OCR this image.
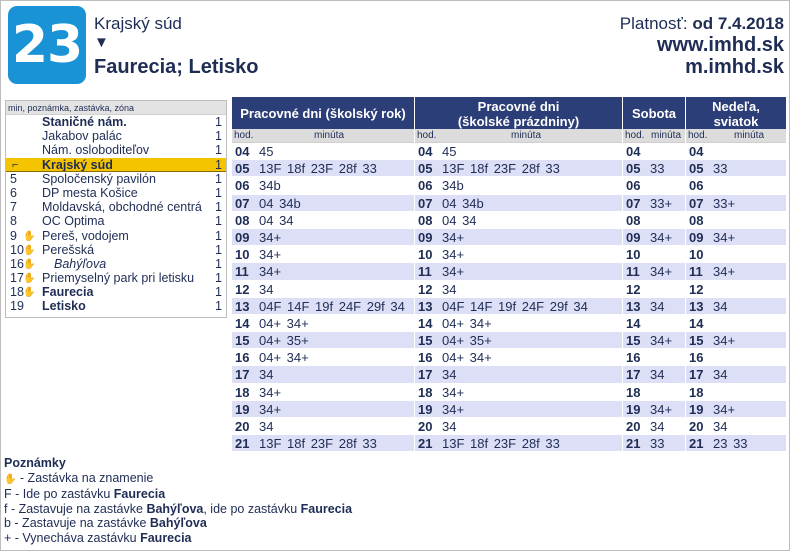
23 Krajský súd
▼
Faurecia; Letisko
Platnosť: od 7.4.2018
www.imhd.sk
m.imhd.sk
min, poznámka, zastávka, zóna
Staničné nám.	1
Jakabov palác	1
Nám. osloboditeľov	1
⌐ Krajský súd	1
5	Spoločenský pavilón	1
6	DP mesta Košice	1
7	Moldavská, obchodné centrá 1
8	OC Optima	1
9 ✋ Pereš, vodojem	1
10 ✋ Perešská	1
16 ✋ Bahýľova	1
17 ✋ Priemyselný park pri letisku 1
18 ✋ Faurecia	1
19	Letisko	1
Pracovné dni (školský rok)
hod.	minúta
04 45
05 13F 18f 23F 28f 33
06 34b
07 04 34b
08 04 34
09 34+
10 34+
11 34+
12 34
13 04F 14F 19f 24F 29f 34
14 04+ 34+
15 04+ 35+
16 04+ 34+
17 34
18 34+
19 34+
20 34
21 13F 18f 23F 28f 33
Pracovné dni
(školské prázdniny)
hod.	minúta
04 45
05 13F 18f 23F 28f 33
06 34b
07 04 34b
08 04 34
09 34+
10 34+
11 34+
12 34
13 04F 14F 19f 24F 29f 34
14 04+ 34+
15 04+ 35+
16 04+ 34+
17 34
18 34+
19 34+
20 34
21 13F 18f 23F 28f 33
Sobota
hod. minúta
04
05 33
06
07 33+
08
09 34+
10
11 34+
12
13 34
14
15 34+
16
17 34
18
19 34+
20 34
21 33
Nedeľa,
sviatok
hod.	minúta
04
05 33
06
07 33+
08
09 34+
10
11 34+
12
13 34
14
15 34+
16
17 34
18
19 34+
20 34
21 23 33
Poznámky
✋ - Zastávka na znamenie
F - Ide po zastávku Faurecia
f - Zastavuje na zastávke Bahýľova, ide po zastávku Faurecia
b - Zastavuje na zastávke Bahýľova
+ - Vynecháva zastávku Faurecia
